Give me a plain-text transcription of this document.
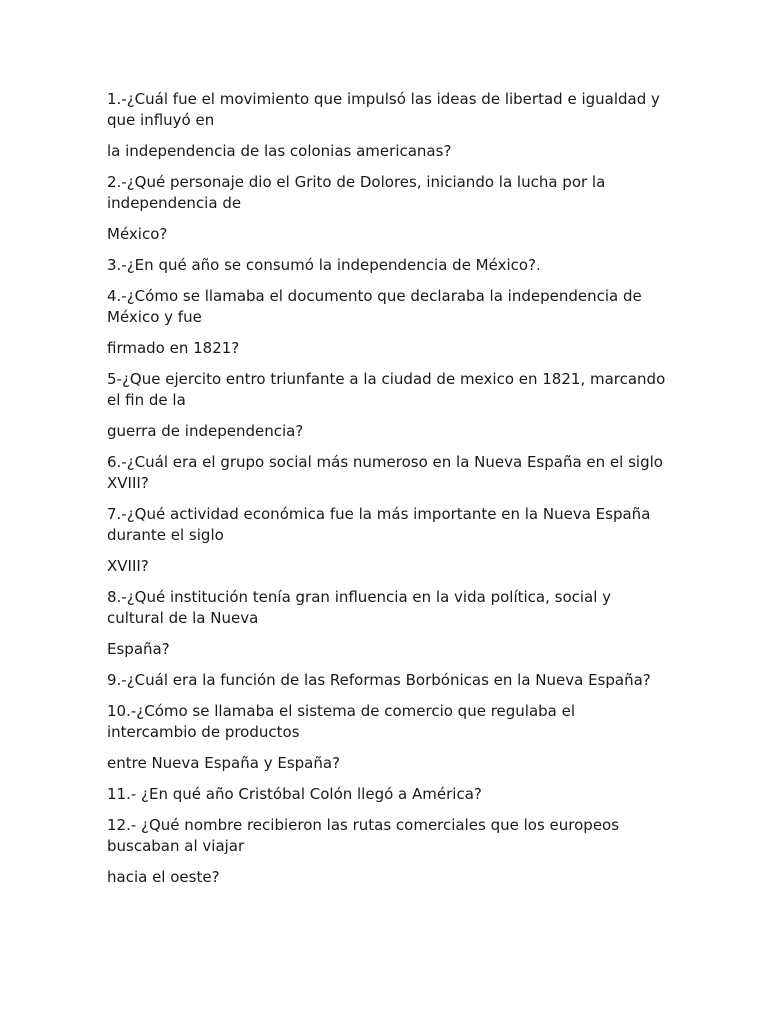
1.-¿Cuál fue el movimiento que impulsó las ideas de libertad e igualdad y que influyó en

la independencia de las colonias americanas?

2.-¿Qué personaje dio el Grito de Dolores, iniciando la lucha por la independencia de

México?

3.-¿En qué año se consumó la independencia de México?.

4.-¿Cómo se llamaba el documento que declaraba la independencia de México y fue

firmado en 1821?

5-¿Que ejercito entro triunfante a la ciudad de mexico en 1821, marcando el fin de la

guerra de independencia?

6.-¿Cuál era el grupo social más numeroso en la Nueva España en el siglo XVIII?

7.-¿Qué actividad económica fue la más importante en la Nueva España durante el siglo

XVIII?

8.-¿Qué institución tenía gran influencia en la vida política, social y cultural de la Nueva

España?

9.-¿Cuál era la función de las Reformas Borbónicas en la Nueva España?

10.-¿Cómo se llamaba el sistema de comercio que regulaba el intercambio de productos

entre Nueva España y España?

11.- ¿En qué año Cristóbal Colón llegó a América?

12.- ¿Qué nombre recibieron las rutas comerciales que los europeos buscaban al viajar

hacia el oeste?
